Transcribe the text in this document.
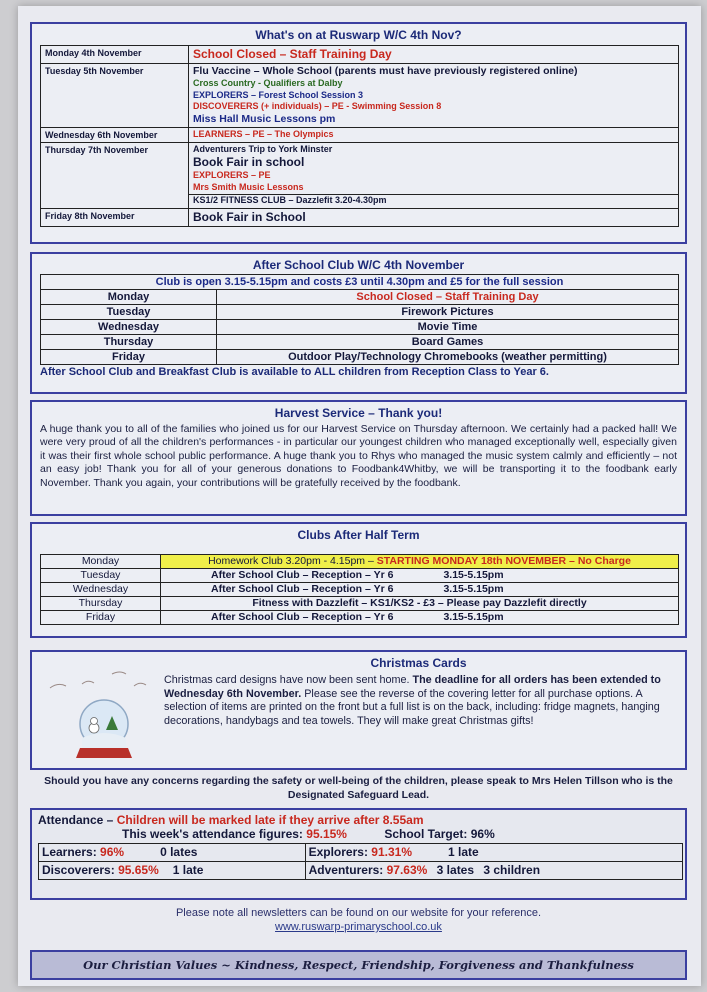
What's on at Ruswarp W/C 4th Nov?
Monday 4th November	School Closed – Staff Training Day

Tuesday 5th November	Flu Vaccine – Whole School (parents must have previously registered online)
Cross Country - Qualifiers at Dalby
EXPLORERS – Forest School Session 3
DISCOVERERS (+ individuals) – PE - Swimming Session 8
Miss Hall Music Lessons pm

Wednesday 6th November	LEARNERS – PE – The Olympics

Thursday 7th November	Adventurers Trip to York Minster
Book Fair in school
EXPLORERS – PE
Mrs Smith Music Lessons
KS1/2 FITNESS CLUB – Dazzlefit 3.20-4.30pm

Friday 8th November	Book Fair in School
After School Club W/C 4th November
Club is open 3.15-5.15pm and costs £3 until 4.30pm and £5 for the full session	
Monday	School Closed – Staff Training Day
Tuesday	Firework Pictures
Wednesday	Movie Time
Thursday	Board Games
Friday	Outdoor Play/Technology Chromebooks (weather permitting)
After School Club and Breakfast Club is available to ALL children from Reception Class to Year 6.
Harvest Service – Thank you!

A huge thank you to all of the families who joined us for our Harvest Service on Thursday afternoon. We certainly had a packed hall! We were very proud of all the children's performances - in particular our youngest children who managed exceptionally well, especially given it was their first whole school public performance. A huge thank you to Rhys who managed the music system calmly and efficiently – not an easy job! Thank you for all of your generous donations to Foodbank4Whitby, we will be transporting it to the foodbank early November. Thank you again, your contributions will be gratefully received by the foodbank.

Clubs After Half Term
Monday	Homework Club 3.20pm - 4.15pm – STARTING MONDAY 18th NOVEMBER – No Charge
Tuesday	After School Club – Reception – Yr 6 3.15-5.15pm
Wednesday	After School Club – Reception – Yr 6 3.15-5.15pm
Thursday	Fitness with Dazzlefit – KS1/KS2 - £3 – Please pay Dazzlefit directly
Friday	After School Club – Reception – Yr 6 3.15-5.15pm
Christmas Cards
Christmas card designs have now been sent home. The deadline for all orders has been extended to Wednesday 6th November. Please see the reverse of the covering letter for all purchase options. A selection of items are printed on the front but a full list is on the back, including: fridge magnets, hanging decorations, handybags and tea towels. They will make great Christmas gifts!
Should you have any concerns regarding the safety or well-being of the children, please speak to Mrs Helen Tillson who is the Designated Safeguard Lead.
Attendance – Children will be marked late if they arrive after 8.55am
This week's attendance figures: 95.15%	School Target: 96%
Learners: 96% 0 lates	Explorers: 91.31% 1 late
Discoverers: 95.65% 1 late	Adventurers: 97.63% 3 lates 3 children
Please note all newsletters can be found on our website for your reference.
www.ruswarp-primaryschool.co.uk
Our Christian Values ~ Kindness, Respect, Friendship, Forgiveness and Thankfulness
